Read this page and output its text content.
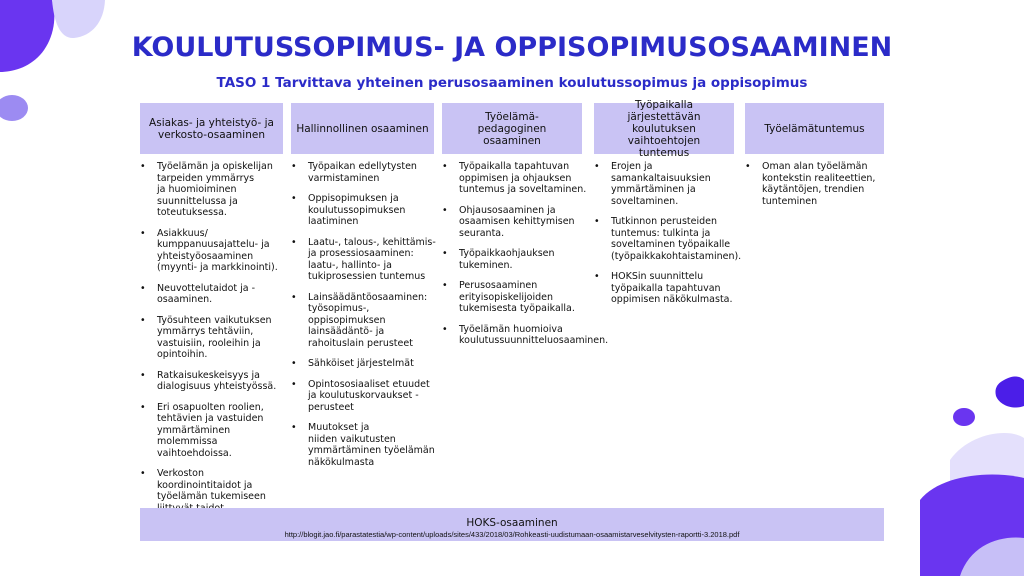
KOULUTUSSOPIMUS- JA OPPISOPIMUSOSAAMINEN
TASO 1 Tarvittava yhteinen perusosaaminen koulutussopimus ja oppisopimus
Asiakas- ja yhteistyö- ja
verkosto-osaaminen
• Työelämän ja opiskelijan
tarpeiden ymmärrys
ja huomioiminen
suunnittelussa ja
toteutuksessa.
• Asiakkuus/
kumppanuusajattelu- ja
yhteistyöosaaminen
(myynti- ja markkinointi).
• Neuvottelutaidot ja -
osaaminen.
• Työsuhteen vaikutuksen
ymmärrys tehtäviin,
vastuisiin, rooleihin ja
opintoihin.
• Ratkaisukeskeisyys ja
dialogisuus yhteistyössä.
• Eri osapuolten roolien,
tehtävien ja vastuiden
ymmärtäminen
molemmissa
vaihtoehdoissa.
• Verkoston
koordinointitaidot ja
työelämän tukemiseen

Hallinnollinen osaaminen
• Työpaikan edellytysten
varmistaminen
• Oppisopimuksen ja
koulutussopimuksen
laatiminen
• Laatu-, talous-, kehittämis-
ja prosessiosaaminen:
laatu-, hallinto- ja
tukiprosessien tuntemus
• Lainsäädäntöosaaminen:
työsopimus-,
oppisopimuksen
lainsäädäntö- ja
rahoituslain perusteet
• Sähköiset järjestelmät
• Opintososiaaliset etuudet
ja koulutuskorvaukset -
perusteet
• Muutokset ja
niiden vaikutusten
ymmärtäminen työelämän
näkökulmasta
Työelämä-
pedagoginen
osaaminen
• Työpaikalla tapahtuvan
oppimisen ja ohjauksen
tuntemus ja soveltaminen.
• Ohjausosaaminen ja
osaamisen kehittymisen
seuranta.
• Työpaikkaohjauksen
tukeminen.
• Perusosaaminen
erityisopiskelijoiden
tukemisesta työpaikalla.
• Työelämän huomioiva
koulutussuunnitteluosaaminen.
Työpaikalla järjestettävän
koulutuksen vaihtoehtojen
tuntemus
• Erojen ja
samankaltaisuuksien
ymmärtäminen ja
soveltaminen.
• Tutkinnon perusteiden
tuntemus: tulkinta ja
soveltaminen työpaikalle
(työpaikkakohtaistaminen).
• HOKSin suunnittelu
työpaikalla tapahtuvan
oppimisen näkökulmasta.
Työelämätuntemus
• Oman alan työelämän
kontekstin realiteettien,
käytäntöjen, trendien
tunteminen
HOKS-osaaminen
http://blogit.jao.fi/parastatestia/wp-content/uploads/sites/433/2018/03/Rohkeasti-uudistumaan-osaamistarveselvitysten-raportti-3.2018.pdf
